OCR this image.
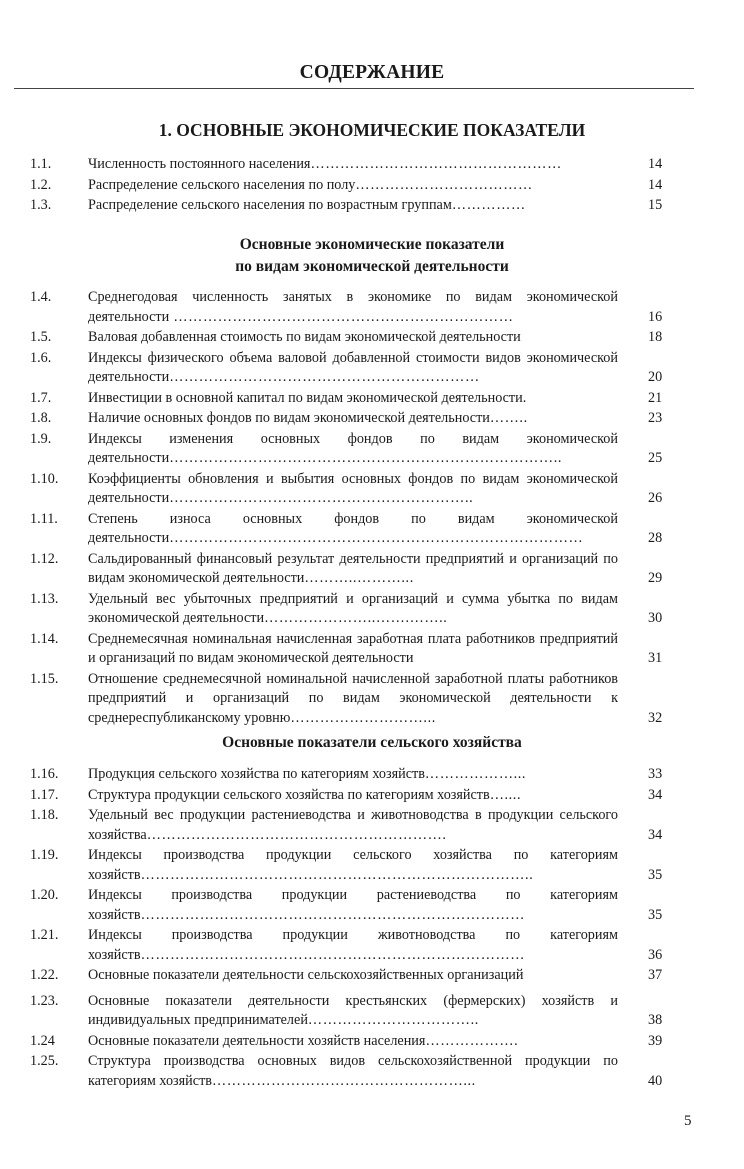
СОДЕРЖАНИЕ
1. ОСНОВНЫЕ ЭКОНОМИЧЕСКИЕ ПОКАЗАТЕЛИ
1.1.	Численность постоянного населения……………………………………………	14
1.2.	Распределение сельского населения по полу………………………………	14
1.3.	Распределение сельского населения по возрастным группам……………	15
Основные экономические показатели
по видам экономической деятельности
1.4.	Среднегодовая численность занятых в экономике по видам экономической деятельности ……………………………………………………………	16
1.5.	Валовая добавленная стоимость по видам экономической деятельности	18
1.6.	Индексы физического объема валовой добавленной стоимости видов экономической деятельности………………………………………………………	20
1.7.	Инвестиции в основной капитал по видам экономической деятельности.	21
1.8.	Наличие основных фондов по видам экономической деятельности……..	23
1.9.	Индексы изменения основных фондов по видам экономической деятельности……………………………………………………………………..	25
1.10.	Коэффициенты обновления и выбытия основных фондов по видам экономической деятельности……………………………………………………..	26
1.11.	Степень износа основных фондов по видам экономической деятельности…………………………………………………………………………	28
1.12.	Сальдированный финансовый результат деятельности предприятий и организаций по видам экономической деятельности………..………...	29
1.13.	Удельный вес убыточных предприятий и организаций и сумма убытка по видам экономической деятельности…………………..…….……..	30
1.14.	Среднемесячная номинальная начисленная заработная плата работников предприятий и организаций по видам экономической деятельности	31
1.15.	Отношение среднемесячной номинальной начисленной заработной платы работников предприятий и организаций по видам экономической деятельности к среднереспубликанскому уровню………………………...	32
Основные показатели сельского хозяйства
1.16.	Продукция сельского хозяйства по категориям хозяйств………………...	33
1.17.	Структура продукции сельского хозяйства по категориям хозяйств…....	34
1.18.	Удельный вес продукции растениеводства и животноводства в продукции сельского хозяйства…………………………………………………….	34
1.19.	Индексы производства продукции сельского хозяйства по категориям хозяйств……………………………………………………………………..	35
1.20.	Индексы производства продукции растениеводства по категориям хозяйств……………………………………………………………………	35
1.21.	Индексы производства продукции животноводства по категориям хозяйств……………………………………………………………………	36
1.22.	Основные показатели деятельности сельскохозяйственных организаций	37
1.23.	Основные показатели деятельности крестьянских (фермерских) хозяйств и индивидуальных предпринимателей……………………………..	38
1.24	Основные показатели деятельности хозяйств населения……………….	39
1.25.	Структура производства основных видов сельскохозяйственной продукции по категориям хозяйств……………………………………………...	40
5
